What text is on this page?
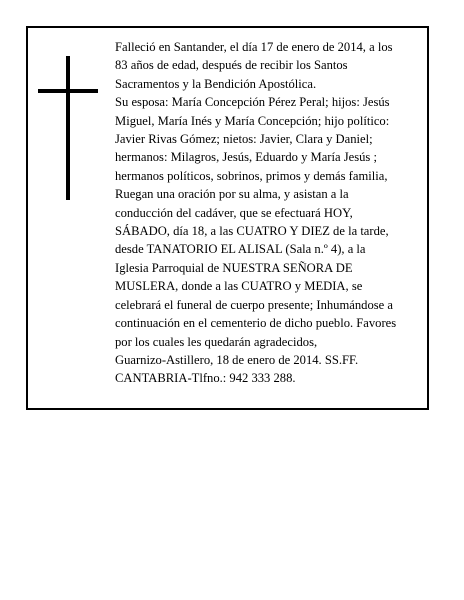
Falleció en Santander, el día 17 de enero de 2014, a los
83 años de edad, después de recibir los Santos
Sacramentos y la Bendición Apostólica.
Su esposa: María Concepción Pérez Peral; hijos: Jesús
Miguel, María Inés y María Concepción; hijo político:
Javier Rivas Gómez; nietos: Javier, Clara y Daniel;
hermanos: Milagros, Jesús, Eduardo y María Jesús ;
hermanos políticos, sobrinos, primos y demás familia,
Ruegan una oración por su alma, y asistan a la
conducción del cadáver, que se efectuará HOY,
SÁBADO, día 18, a las CUATRO Y DIEZ de la tarde,
desde TANATORIO EL ALISAL (Sala n.º 4), a la
Iglesia Parroquial de NUESTRA SEÑORA DE
MUSLERA, donde a las CUATRO y MEDIA, se
celebrará el funeral de cuerpo presente; Inhumándose a
continuación en el cementerio de dicho pueblo. Favores
por los cuales les quedarán agradecidos,
Guarnizo-Astillero, 18 de enero de 2014. SS.FF.
CANTABRIA-Tlfno.: 942 333 288.
